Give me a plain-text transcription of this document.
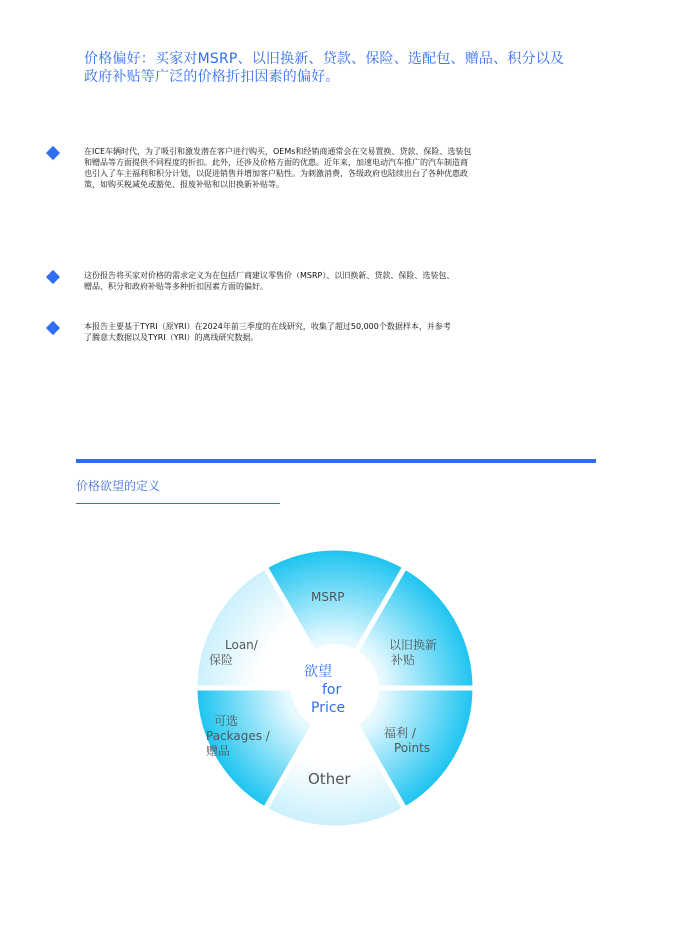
价格偏好：买家对MSRP、以旧换新、贷款、保险、选配包、赠品、积分以及
政府补贴等广泛的价格折扣因素的偏好。
在ICE车辆时代，为了吸引和激发潜在客户进行购买，OEMs和经销商通常会在交易置换、贷款、保险、选装包
和赠品等方面提供不同程度的折扣。此外，还涉及价格方面的优惠。近年来，加速电动汽车推广的汽车制造商
也引入了车主福利和积分计划，以促进销售并增加客户粘性。为刺激消费，各级政府也陆续出台了各种优惠政
策，如购买税减免或豁免、报废补贴和以旧换新补贴等。
这份报告将买家对价格的需求定义为在包括厂商建议零售价（MSRP）、以旧换新、贷款、保险、选装包、
赠品、积分和政府补贴等多种折扣因素方面的偏好。
本报告主要基于TYRI（原YRI）在2024年前三季度的在线研究，收集了超过50,000个数据样本，并参考
了腾意大数据以及TYRI（YRI）的离线研究数据。
价格欲望的定义
MSRP
以旧换新
补贴
福利 /
Points
Other
可选
Packages /
赠品
Loan/
保险
欲望
for
Price
